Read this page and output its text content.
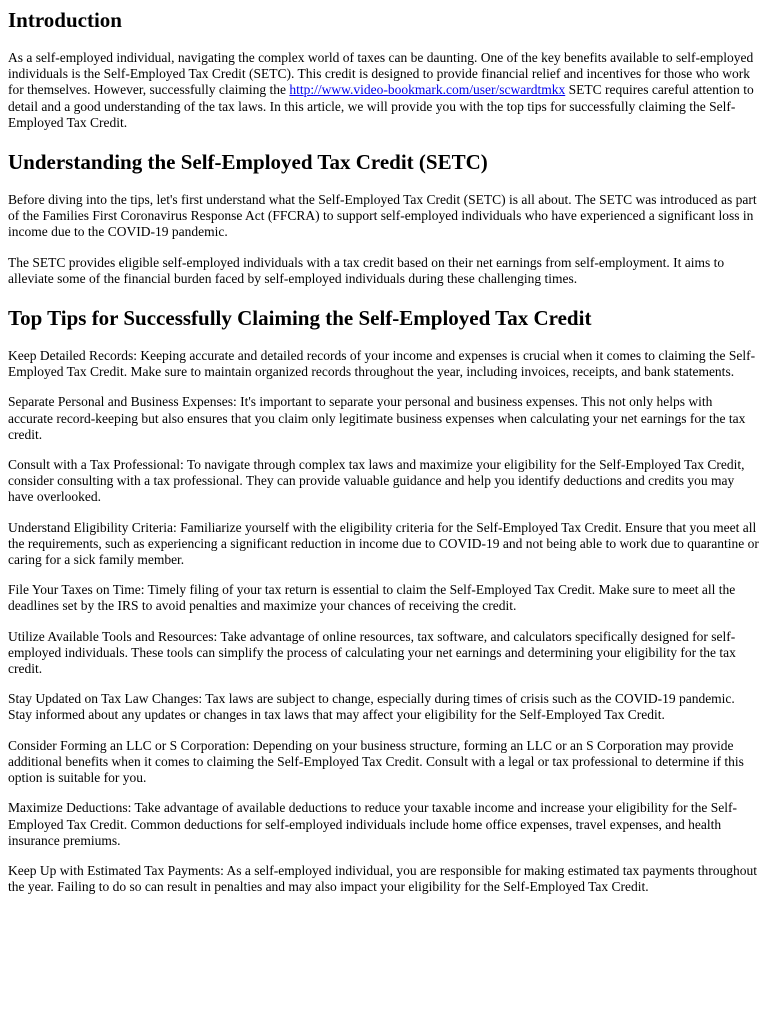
Introduction

As a self-employed individual, navigating the complex world of taxes can be daunting. One of the key benefits available to self-employed individuals is the Self-Employed Tax Credit (SETC). This credit is designed to provide financial relief and incentives for those who work for themselves. However, successfully claiming the http://www.video-bookmark.com/user/scwardtmkx SETC requires careful attention to detail and a good understanding of the tax laws. In this article, we will provide you with the top tips for successfully claiming the Self-Employed Tax Credit.

Understanding the Self-Employed Tax Credit (SETC)

Before diving into the tips, let's first understand what the Self-Employed Tax Credit (SETC) is all about. The SETC was introduced as part of the Families First Coronavirus Response Act (FFCRA) to support self-employed individuals who have experienced a significant loss in income due to the COVID-19 pandemic.

The SETC provides eligible self-employed individuals with a tax credit based on their net earnings from self-employment. It aims to alleviate some of the financial burden faced by self-employed individuals during these challenging times.

Top Tips for Successfully Claiming the Self-Employed Tax Credit

Keep Detailed Records: Keeping accurate and detailed records of your income and expenses is crucial when it comes to claiming the Self-Employed Tax Credit. Make sure to maintain organized records throughout the year, including invoices, receipts, and bank statements.

Separate Personal and Business Expenses: It's important to separate your personal and business expenses. This not only helps with accurate record-keeping but also ensures that you claim only legitimate business expenses when calculating your net earnings for the tax credit.

Consult with a Tax Professional: To navigate through complex tax laws and maximize your eligibility for the Self-Employed Tax Credit, consider consulting with a tax professional. They can provide valuable guidance and help you identify deductions and credits you may have overlooked.

Understand Eligibility Criteria: Familiarize yourself with the eligibility criteria for the Self-Employed Tax Credit. Ensure that you meet all the requirements, such as experiencing a significant reduction in income due to COVID-19 and not being able to work due to quarantine or caring for a sick family member.

File Your Taxes on Time: Timely filing of your tax return is essential to claim the Self-Employed Tax Credit. Make sure to meet all the deadlines set by the IRS to avoid penalties and maximize your chances of receiving the credit.

Utilize Available Tools and Resources: Take advantage of online resources, tax software, and calculators specifically designed for self-employed individuals. These tools can simplify the process of calculating your net earnings and determining your eligibility for the tax credit.

Stay Updated on Tax Law Changes: Tax laws are subject to change, especially during times of crisis such as the COVID-19 pandemic. Stay informed about any updates or changes in tax laws that may affect your eligibility for the Self-Employed Tax Credit.

Consider Forming an LLC or S Corporation: Depending on your business structure, forming an LLC or an S Corporation may provide additional benefits when it comes to claiming the Self-Employed Tax Credit. Consult with a legal or tax professional to determine if this option is suitable for you.

Maximize Deductions: Take advantage of available deductions to reduce your taxable income and increase your eligibility for the Self-Employed Tax Credit. Common deductions for self-employed individuals include home office expenses, travel expenses, and health insurance premiums.

Keep Up with Estimated Tax Payments: As a self-employed individual, you are responsible for making estimated tax payments throughout the year. Failing to do so can result in penalties and may also impact your eligibility for the Self-Employed Tax Credit.
